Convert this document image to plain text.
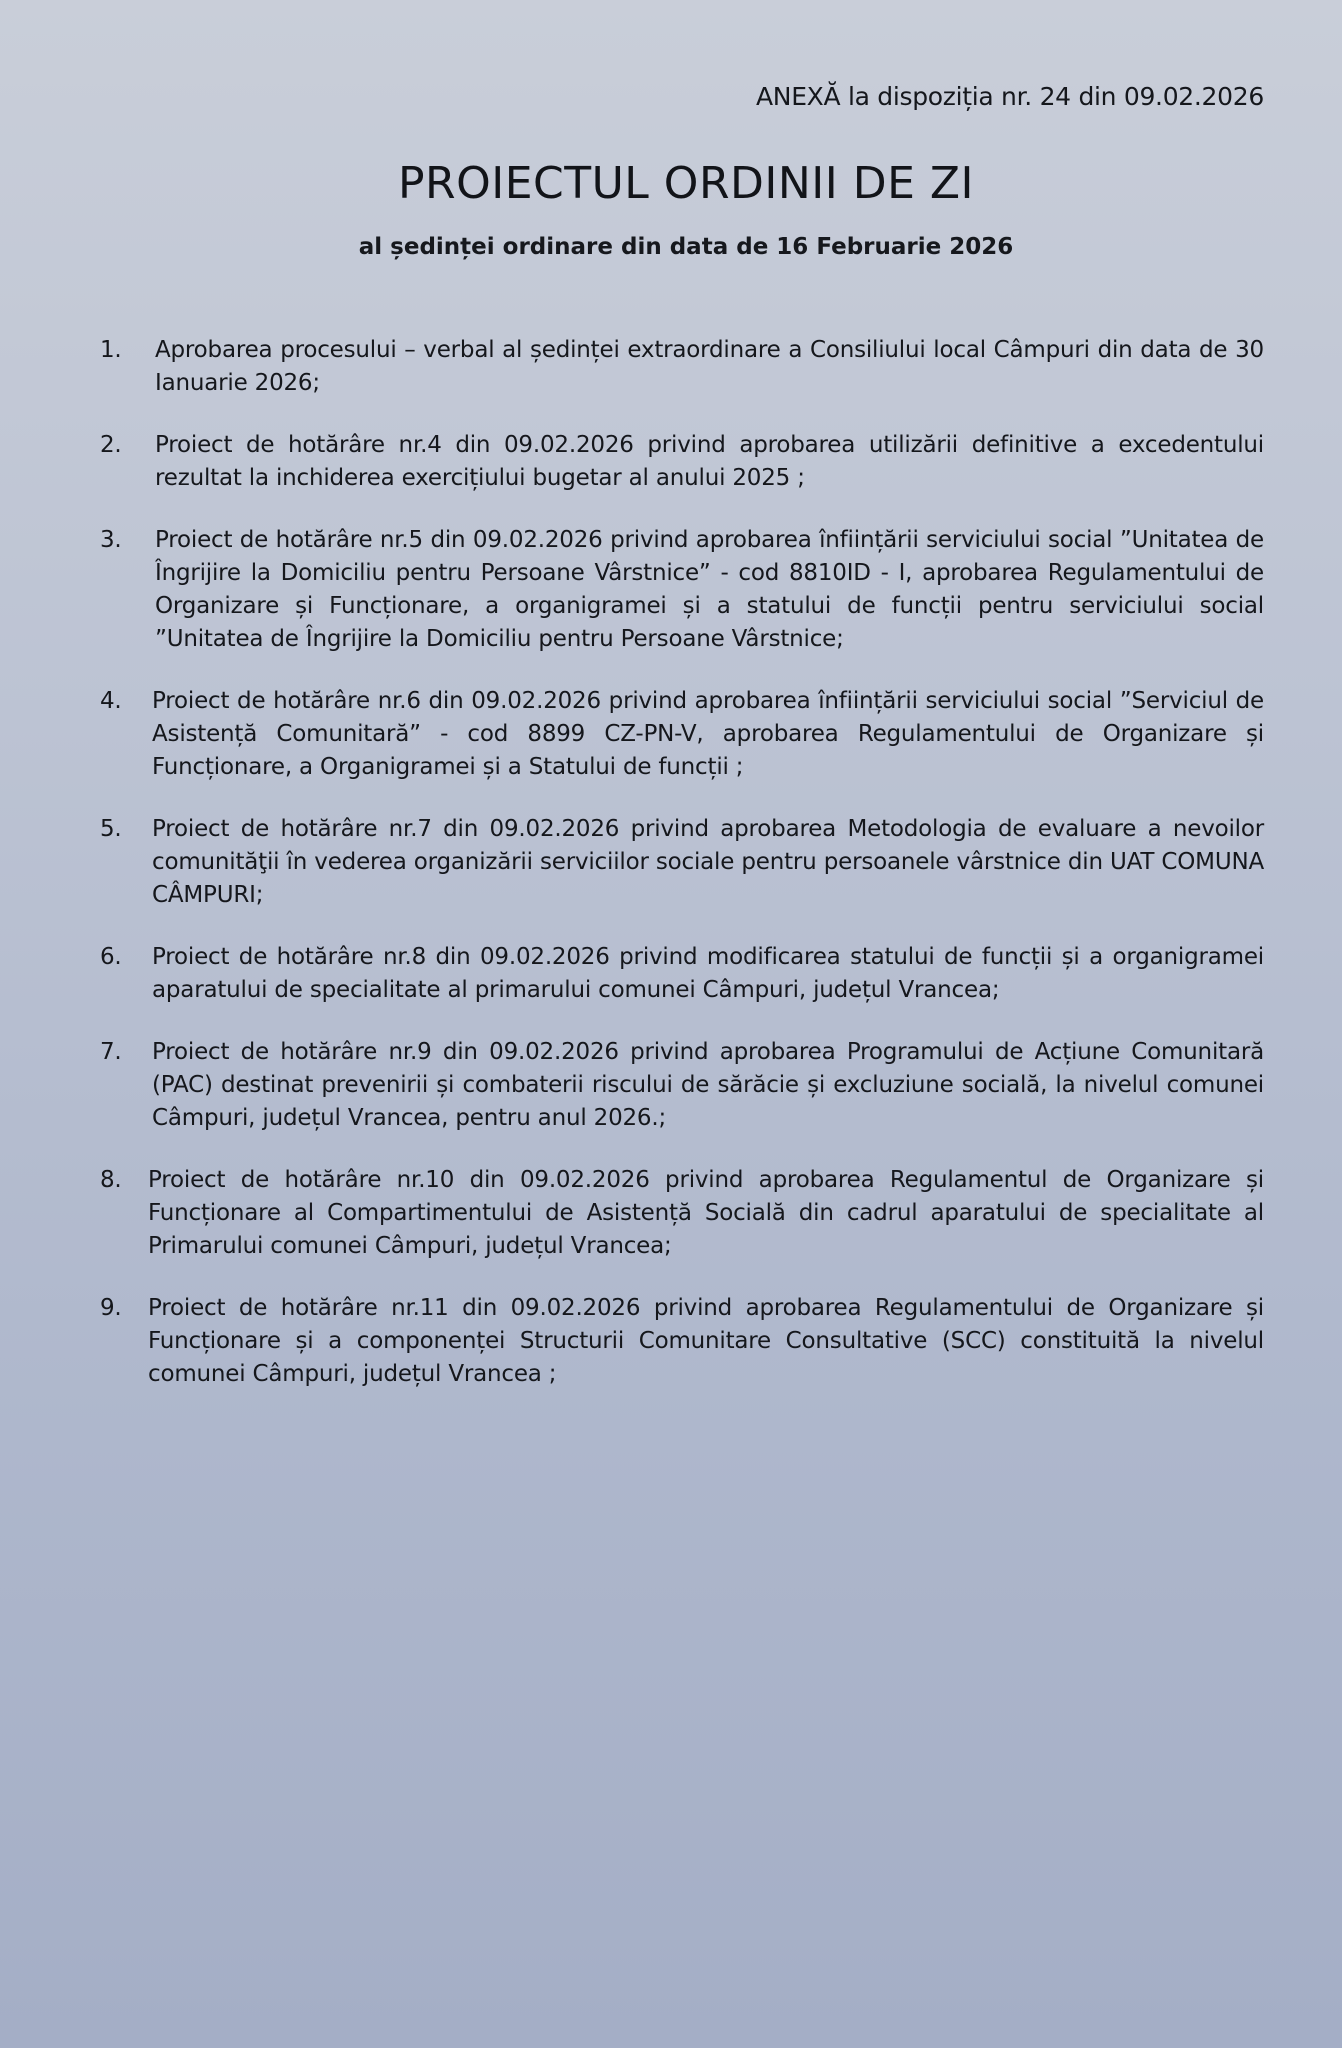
ANEXĂ la dispoziția nr. 24 din 09.02.2026
PROIECTUL ORDINII DE ZI

al ședinței ordinare din data de 16 Februarie 2026

1.	Aprobarea procesului – verbal al ședinței extraordinare a Consiliului local Câmpuri din data de 30 Ianuarie 2026;
2.	Proiect de hotărâre nr.4 din 09.02.2026 privind aprobarea utilizării definitive a excedentului rezultat la inchiderea exercițiului bugetar al anului 2025 ;
3.	Proiect de hotărâre nr.5 din 09.02.2026 privind aprobarea înființării serviciului social ”Unitatea de Îngrijire la Domiciliu pentru Persoane Vârstnice” - cod 8810ID - I, aprobarea Regulamentului de Organizare și Funcționare, a organigramei și a statului de funcții pentru serviciului social ”Unitatea de Îngrijire la Domiciliu pentru Persoane Vârstnice;
4.	Proiect de hotărâre nr.6 din 09.02.2026 privind aprobarea înființării serviciului social ”Serviciul de Asistență Comunitară” - cod 8899 CZ-PN-V, aprobarea Regulamentului de Organizare și Funcționare, a Organigramei și a Statului de funcții ;
5.	Proiect de hotărâre nr.7 din 09.02.2026 privind aprobarea Metodologia de evaluare a nevoilor comunităţii în vederea organizării serviciilor sociale pentru persoanele vârstnice din UAT COMUNA CÂMPURI;
6.	Proiect de hotărâre nr.8 din 09.02.2026 privind modificarea statului de funcții și a organigramei aparatului de specialitate al primarului comunei Câmpuri, județul Vrancea;
7.	Proiect de hotărâre nr.9 din 09.02.2026 privind aprobarea Programului de Acțiune Comunitară (PAC) destinat prevenirii și combaterii riscului de sărăcie și excluziune socială, la nivelul comunei Câmpuri, județul Vrancea, pentru anul 2026.;
8.	Proiect de hotărâre nr.10 din 09.02.2026 privind aprobarea Regulamentul de Organizare și Funcționare al Compartimentului de Asistență Socială din cadrul aparatului de specialitate al Primarului comunei Câmpuri, județul Vrancea;
9.	Proiect de hotărâre nr.11 din 09.02.2026 privind aprobarea Regulamentului de Organizare și Funcționare și a componenței Structurii Comunitare Consultative (SCC) constituită la nivelul comunei Câmpuri, județul Vrancea ;
